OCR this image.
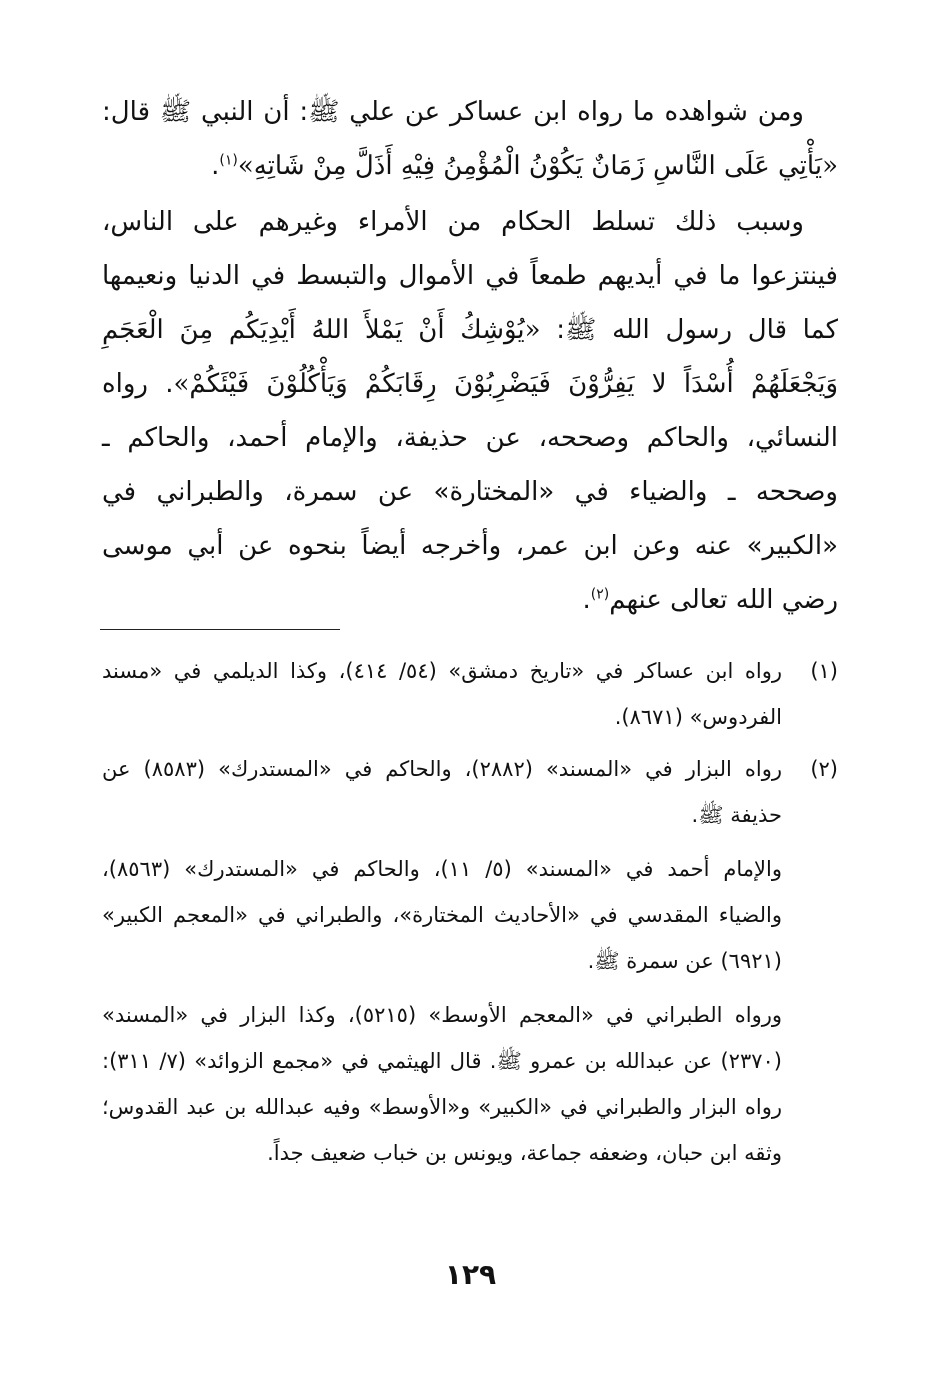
ومن شواهده ما رواه ابن عساكر عن علي ﷺ: أن النبي ﷺ قال: «يَأْتِي عَلَى النَّاسِ زَمَانٌ يَكُوْنُ الْمُؤْمِنُ فِيْهِ أَذَلَّ مِنْ شَاتِهِ»$^{(١)}$.

وسبب ذلك تسلط الحكام من الأمراء وغيرهم على الناس، فينتزعوا ما في أيديهم طمعاً في الأموال والتبسط في الدنيا ونعيمها كما قال رسول الله ﷺ: «يُوْشِكُ أَنْ يَمْلأَ اللهُ أَيْدِيَكُم مِنَ الْعَجَمِ وَيَجْعَلَهُمْ أُسْدَاً لا يَفِرُّوْنَ فَيَضْرِبُوْنَ رِقَابَكُمْ وَيَأْكُلُوْنَ فَيْئَكُمْ». رواه النسائي، والحاكم وصححه، عن حذيفة، والإمام أحمد، والحاكم ـ وصححه ـ والضياء في «المختارة» عن سمرة، والطبراني في «الكبير» عنه وعن ابن عمر، وأخرجه أيضاً بنحوه عن أبي موسى رضي الله تعالى عنهم$^{(٢)}$.

(١)

رواه ابن عساكر في «تاريخ دمشق» (٥٤/ ٤١٤)، وكذا الديلمي في «مسند الفردوس» (٨٦٧١).

(٢)

رواه البزار في «المسند» (٢٨٨٢)، والحاكم في «المستدرك» (٨٥٨٣) عن حذيفة ﷺ.

والإمام أحمد في «المسند» (٥/ ١١)، والحاكم في «المستدرك» (٨٥٦٣)، والضياء المقدسي في «الأحاديث المختارة»، والطبراني في «المعجم الكبير» (٦٩٢١) عن سمرة ﷺ.

ورواه الطبراني في «المعجم الأوسط» (٥٢١٥)، وكذا البزار في «المسند» (٢٣٧٠) عن عبدالله بن عمرو ﷺ. قال الهيثمي في «مجمع الزوائد» (٧/ ٣١١): رواه البزار والطبراني في «الكبير» و«الأوسط» وفيه عبدالله بن عبد القدوس؛ وثقه ابن حبان، وضعفه جماعة، ويونس بن خباب ضعيف جداً.

١٢٩
